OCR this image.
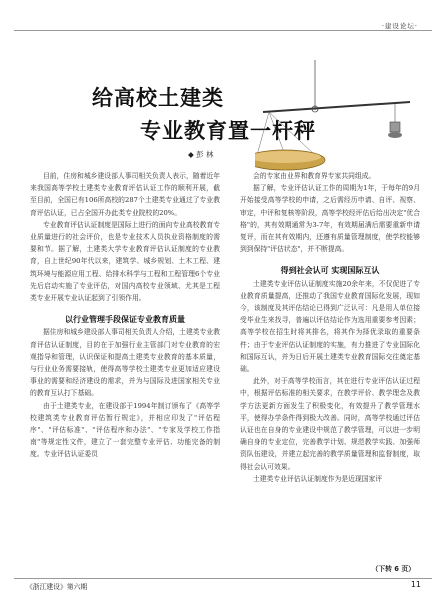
·建设论坛·
给高校土建类
专业教育置一杆秤
◆ 彭 林

目前，住房和城乡建设部人事司相关负责人表示，随着近年来我国高等学校土建类专业教育评估认证工作的顺利开展，截至目前，全国已有106所高校的287个土建类专业通过了专业教育评估认证，已占全国开办此类专业院校的20%。

专业教育评估认证制度是国际上进行的面向专业高校教育专业质量进行的社会评价，也是专业技术人员执业资格制度的需要和节。据了解，土建类大学专业教育评估认证制度的专业教育，自上世纪90年代以来，建筑学、城乡规划、土木工程、建筑环境与能源应用工程、给排水科学与工程和工程管理6个专业先后启动实施了专业评估，对国内高校专业领域、尤其是工程类专业开展专业认证起到了引领作用。

以行业管理手段保证专业教育质量

据住房和城乡建设部人事司相关负责人介绍，土建类专业教育评估认证制度，目的在于加强行业主管部门对专业教育的宏观指导和管理，认识保证和提高土建类专业教育的基本质量，与行业业务需要接轨，使得高等学校土建类专业更加适应建设事业的需要和经济建设的需求，并为与国际及进国家相关专业的教育互认打下基础。

由于土建类专业，在建设部于1994年制订颁布了《高等学校建筑类专业教育评估暂行规定》，并相应印发了"评估程序"、"评估标准"、"评估程序和办法"、"专家及学校工作指南"等规定性文件，建立了一套完整专业评估、功能完备的制度。专业评估认证委员

会的专家由业界和教育界专家共同组成。

据了解，专业评估认证工作的周期为1年，于每年的9月开始接受高等学校的申请，之后需经历申请、自评、视察、审定，中评和复核等阶段，高等学校经评估后给出决定"优合格"的，其有效期通常为3-7年，有效期届满后需要重新申请复评，而在其有效期内，还遵有质量管理制度，使学校能够到到保持"评估状态"，并不断提高。

得到社会认可 实现国际互认

土建类专业评估认证制度实施20余年来，不仅促进了专业教育质量提高，还推动了我国专业教育国际化发展，现如今，该制度及其评估结论已得到广泛认可：凡是用人单位接受毕业生来找寻，普遍以评估结论作为选用重要参考因素；高等学校在招生时将其排名，将其作为择优录取的重要条件；由于专业评估认证制度的实施，有力推进了专业国际化和国际互认，并为日后开展土建类专业教育国际交往奠定基础。

此外，对于高等学校而言，其在进行专业评估认证过程中，根据评估标准的相关要求，在教学评价、教学理念及教学方法更新方面发生了积极变化，有效提升了教学管理水平，使得办学条件得到极大改善。同时，高等学校通过评估认证也在自身的专业建设中规范了教学管理，可以进一步明确自身的专业定位，完善教学计划、规范教学实践、加强师资队伍建设，并建立起完善的教学质量管理和监督制度，取得社会认可效果。

土建类专业评估认证制度作为是近现国家评

（下转 6 页）
《浙江建设》第六期	11
